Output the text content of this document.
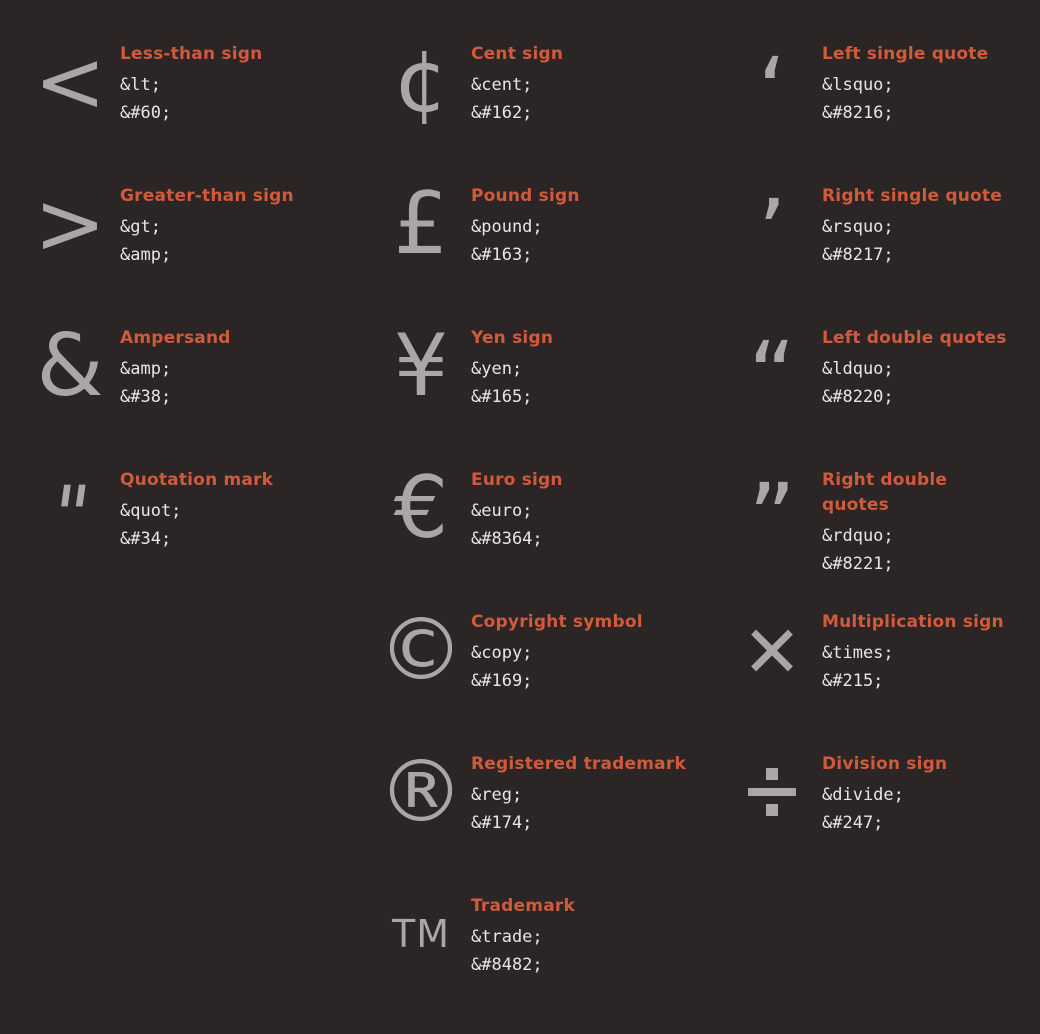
< Less-than sign
&lt;
&#60;
> Greater-than sign
&gt;
&amp;
& Ampersand
&amp;
&#38;
" Quotation mark
&quot;
&#34;
¢ Cent sign
&cent;
&#162;
£ Pound sign
&pound;
&#163;
¥ Yen sign
&yen;
&#165;
€ Euro sign
&euro;
&#8364;
© Copyright symbol
&copy;
&#169;
® Registered trademark
&reg;
&#174;
TM
Trademark
&trade;
&#8482;
‘ Left single quote
&lsquo;
&#8216;
’ Right single quote
&rsquo;
&#8217;
“ Left double quotes
&ldquo;
&#8220;
” Right double quotes
&rdquo;
&#8221;
Multiplication sign
&times;
&#215;
Division sign
&divide;
&#247;
